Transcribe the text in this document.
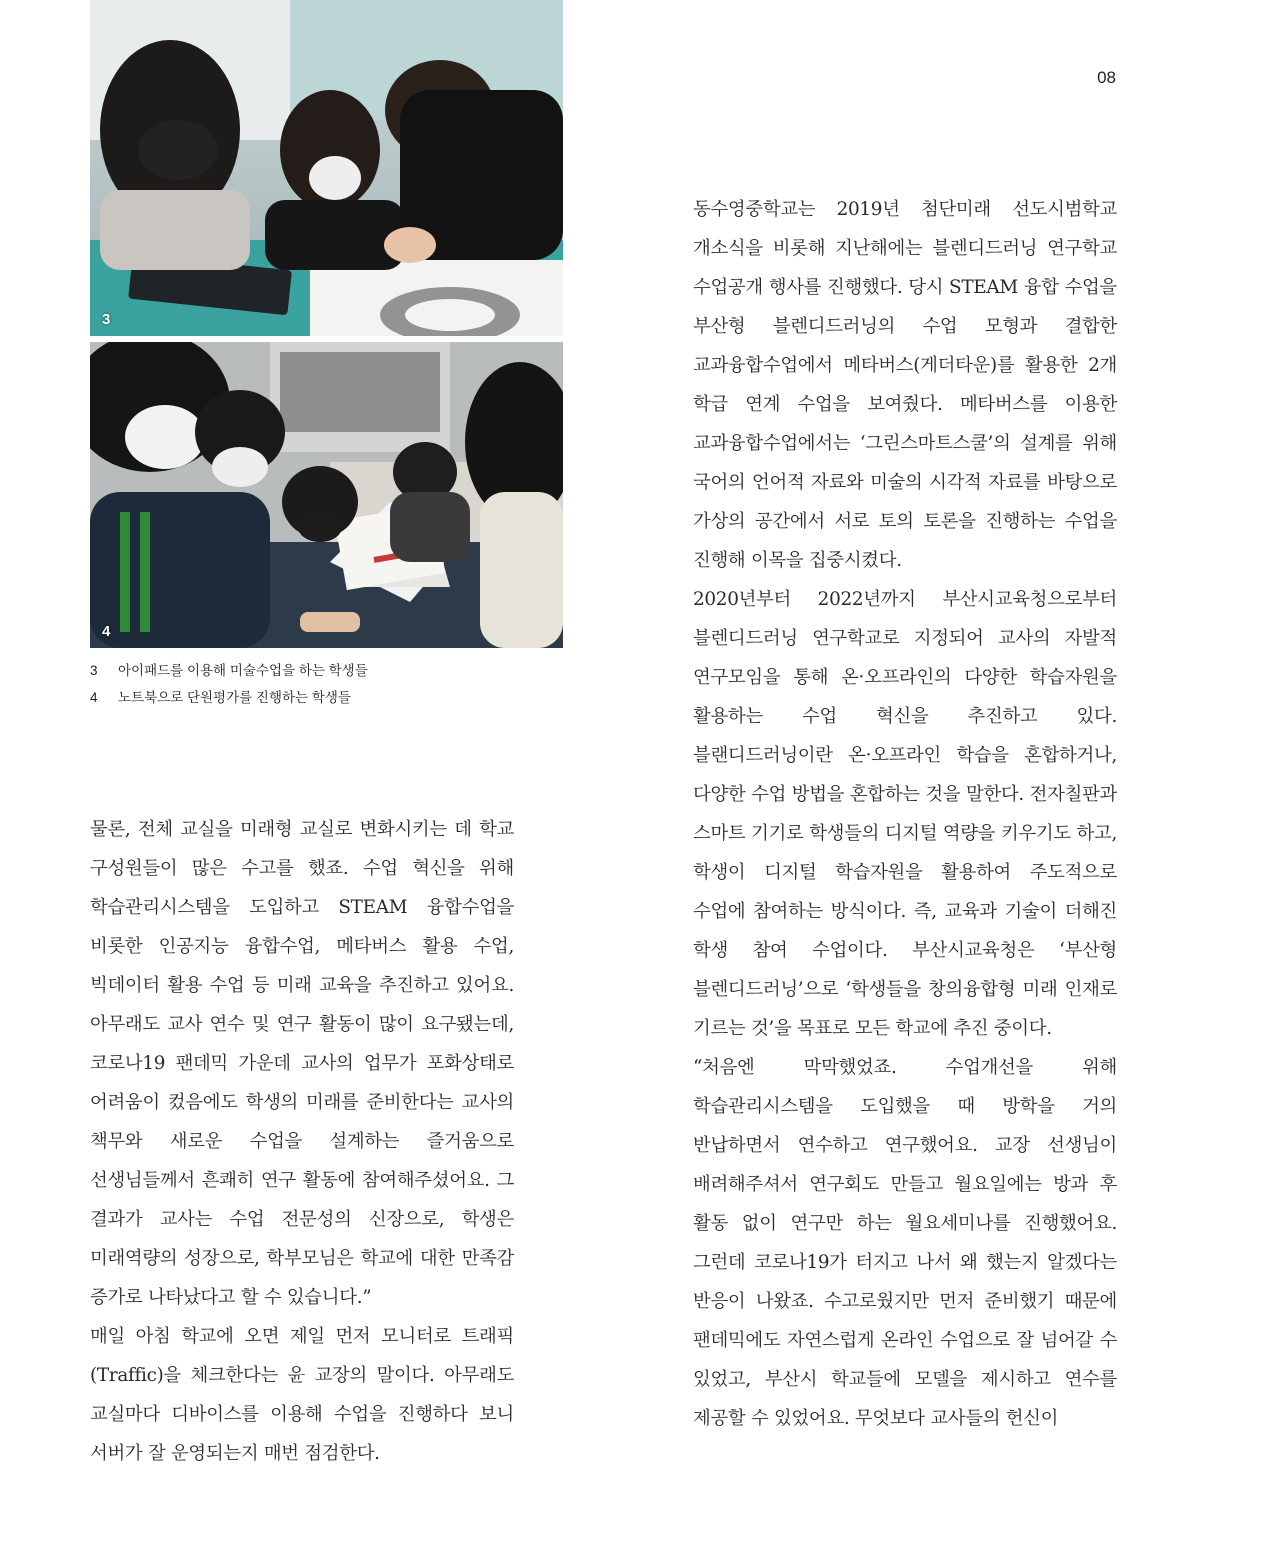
08
3
4
3	아이패드를 이용해 미술수업을 하는 학생들
4	노트북으로 단원평가를 진행하는 학생들

물론, 전체 교실을 미래형 교실로 변화시키는 데 학교 구성원들이 많은 수고를 했죠. 수업 혁신을 위해 학습관리시스템을 도입하고 STEAM 융합수업을 비롯한 인공지능 융합수업, 메타버스 활용 수업, 빅데이터 활용 수업 등 미래 교육을 추진하고 있어요. 아무래도 교사 연수 및 연구 활동이 많이 요구됐는데, 코로나19 팬데믹 가운데 교사의 업무가 포화상태로 어려움이 컸음에도 학생의 미래를 준비한다는 교사의 책무와 새로운 수업을 설계하는 즐거움으로 선생님들께서 흔쾌히 연구 활동에 참여해주셨어요. 그 결과가 교사는 수업 전문성의 신장으로, 학생은 미래역량의 성장으로, 학부모님은 학교에 대한 만족감 증가로 나타났다고 할 수 있습니다.”

매일 아침 학교에 오면 제일 먼저 모니터로 트래픽(Traffic)을 체크한다는 윤 교장의 말이다. 아무래도 교실마다 디바이스를 이용해 수업을 진행하다 보니 서버가 잘 운영되는지 매번 점검한다.

동수영중학교는 2019년 첨단미래 선도시범학교 개소식을 비롯해 지난해에는 블렌디드러닝 연구학교 수업공개 행사를 진행했다. 당시 STEAM 융합 수업을 부산형 블렌디드러닝의 수업 모형과 결합한 교과융합수업에서 메타버스(게더타운)를 활용한 2개 학급 연계 수업을 보여줬다. 메타버스를 이용한 교과융합수업에서는 ‘그린스마트스쿨’의 설계를 위해 국어의 언어적 자료와 미술의 시각적 자료를 바탕으로 가상의 공간에서 서로 토의 토론을 진행하는 수업을 진행해 이목을 집중시켰다.

2020년부터 2022년까지 부산시교육청으로부터 블렌디드러닝 연구학교로 지정되어 교사의 자발적 연구모임을 통해 온·오프라인의 다양한 학습자원을 활용하는 수업 혁신을 추진하고 있다. 블랜디드러닝이란 온·오프라인 학습을 혼합하거나, 다양한 수업 방법을 혼합하는 것을 말한다. 전자칠판과 스마트 기기로 학생들의 디지털 역량을 키우기도 하고, 학생이 디지털 학습자원을 활용하여 주도적으로 수업에 참여하는 방식이다. 즉, 교육과 기술이 더해진 학생 참여 수업이다. 부산시교육청은 ‘부산형 블렌디드러닝’으로 ‘학생들을 창의융합형 미래 인재로 기르는 것’을 목표로 모든 학교에 추진 중이다.

“처음엔 막막했었죠. 수업개선을 위해 학습관리시스템을 도입했을 때 방학을 거의 반납하면서 연수하고 연구했어요. 교장 선생님이 배려해주셔서 연구회도 만들고 월요일에는 방과 후 활동 없이 연구만 하는 월요세미나를 진행했어요. 그런데 코로나19가 터지고 나서 왜 했는지 알겠다는 반응이 나왔죠. 수고로웠지만 먼저 준비했기 때문에 팬데믹에도 자연스럽게 온라인 수업으로 잘 넘어갈 수 있었고, 부산시 학교들에 모델을 제시하고 연수를 제공할 수 있었어요. 무엇보다 교사들의 헌신이
